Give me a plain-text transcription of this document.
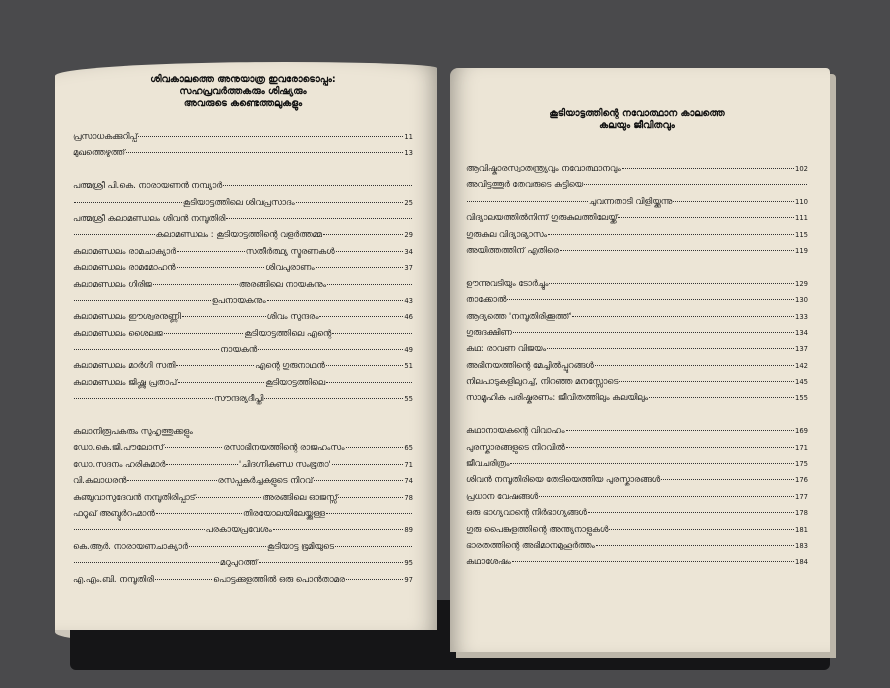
ശിവകാലത്തെ അനുയാത്ര ഇവരോടൊപ്പം:
സഹപ്രവർത്തകരും ശിഷ്യരും
അവരുടെ കണ്ടെത്തലുകളും
പ്രസാധകക്കുറിപ്പ്	11
മുഖത്തെഴുത്ത്	13
പത്മശ്രീ പി.കെ. നാരായണൻ നമ്പ്യാർ
കൂടിയാട്ടത്തിലെ ശിവപ്രസാദം	25
പത്മശ്രീ കലാമണ്ഡലം ശിവൻ നമ്പൂതിരി
കലാമണ്ഡലം : കൂടിയാട്ടത്തിന്റെ വളർത്തമ്മ	29
കലാമണ്ഡലം രാമചാക്യാർ	സതീർത്ഥ്യ സ്മരണകൾ	34
കലാമണ്ഡലം രാമമോഹൻ	ശിവപുരാണം	37
കലാമണ്ഡലം ഗിരിജ	അരങ്ങിലെ നായകനും
ഉപനായകനും	43
കലാമണ്ഡലം ഈശ്വരനുണ്ണി	ശിവം സുന്ദരം	46
കലാമണ്ഡലം ശൈലജ	കൂടിയാട്ടത്തിലെ എന്റെ
നായകൻ	49
കലാമണ്ഡലം മാർഗി സതി	എന്റെ ഗുരുനാഥൻ	51
കലാമണ്ഡലം ജിഷ്ണു പ്രതാപ്	കൂടിയാട്ടത്തിലെ
സൗന്ദര്യദീപ്തി	55
കലാനിരൂപകരും സുഹൃത്തുക്കളും
ഡോ.കെ.ജി.പൗലോസ്	രസാഭിനയത്തിന്റെ രാജഹംസം	65
ഡോ.സദനം ഹരികുമാർ	'ചിദഗ്നികുണ്ഡ സംഭൂതാ'	71
വി.കലാധരൻ	രസപ്പകർച്ചകളുടെ നിറവ്	74
കുഞ്ചുവാസുദേവൻ നമ്പൂതിരിപ്പാട്	അരങ്ങിലെ ഓജസ്സ്	78
ഫറൂഖ് അബ്ദുർറഹ്മാൻ	തിരയോലയിലേയ്ക്കുള്ള
പരകായപ്രവേശം	89
കെ.ആർ. നാരായണചാക്യാർ	കൂടിയാട്ട ഭൂമിയുടെ
മറുപുറത്ത്	95
എ.എം.ബി. നമ്പൂതിരി	പൊട്ടക്കുളത്തിൽ ഒരു പൊൻതാമര	97
കൂടിയാട്ടത്തിന്റെ നവോത്ഥാന കാലത്തെ
കലയും ജീവിതവും
ആവിഷ്കാരസ്വാതന്ത്ര്യവും നവോത്ഥാനവും	102
അവിട്ടത്തൂർ തേവരുടെ കുട്ടിയെ
ചുവന്നതാടി വിളിയ്ക്കുന്നു	110
വിദ്യാലയത്തിൽനിന്ന് ഗുരുകുലത്തിലേയ്ക്ക്	111
ഗുരുകുല വിദ്യാഭ്യാസം	115
അയിത്തത്തിന് എതിരെ	119
ഊന്നുവടിയും ടോർച്ചും	129
താക്കോൽ	130
ആദ്യത്തെ 'നമ്പൂതിരിക്കൂത്ത്'	133
ഗുരുദക്ഷിണ	134
കഥ: രാവണ വിജയം	137
അഭിനയത്തിന്റെ മേച്ചിൽപ്പുറങ്ങൾ	142
നിലപാടുകളിലുറച്ച്, നിറഞ്ഞ മനസ്സോടെ	145
സാമൂഹിക പരിഷ്കരണം: ജീവിതത്തിലും കലയിലും	155
കഥാനായകന്റെ വിവാഹം	169
പുരസ്കാരങ്ങളുടെ നിറവിൽ	171
ജീവചരിത്രം	175
ശിവൻ നമ്പൂതിരിയെ തേടിയെത്തിയ പുരസ്കാരങ്ങൾ	176
പ്രധാന വേഷങ്ങൾ	177
ഒരു ഭാഗ്യവാന്റെ നിർഭാഗ്യങ്ങൾ	178
ഗുരു പൈങ്കുളത്തിന്റെ അന്ത്യനാളുകൾ	181
ഭാരതത്തിന്റെ അഭിമാനമുഹൂർത്തം	183
കഥാശേഷം	184
